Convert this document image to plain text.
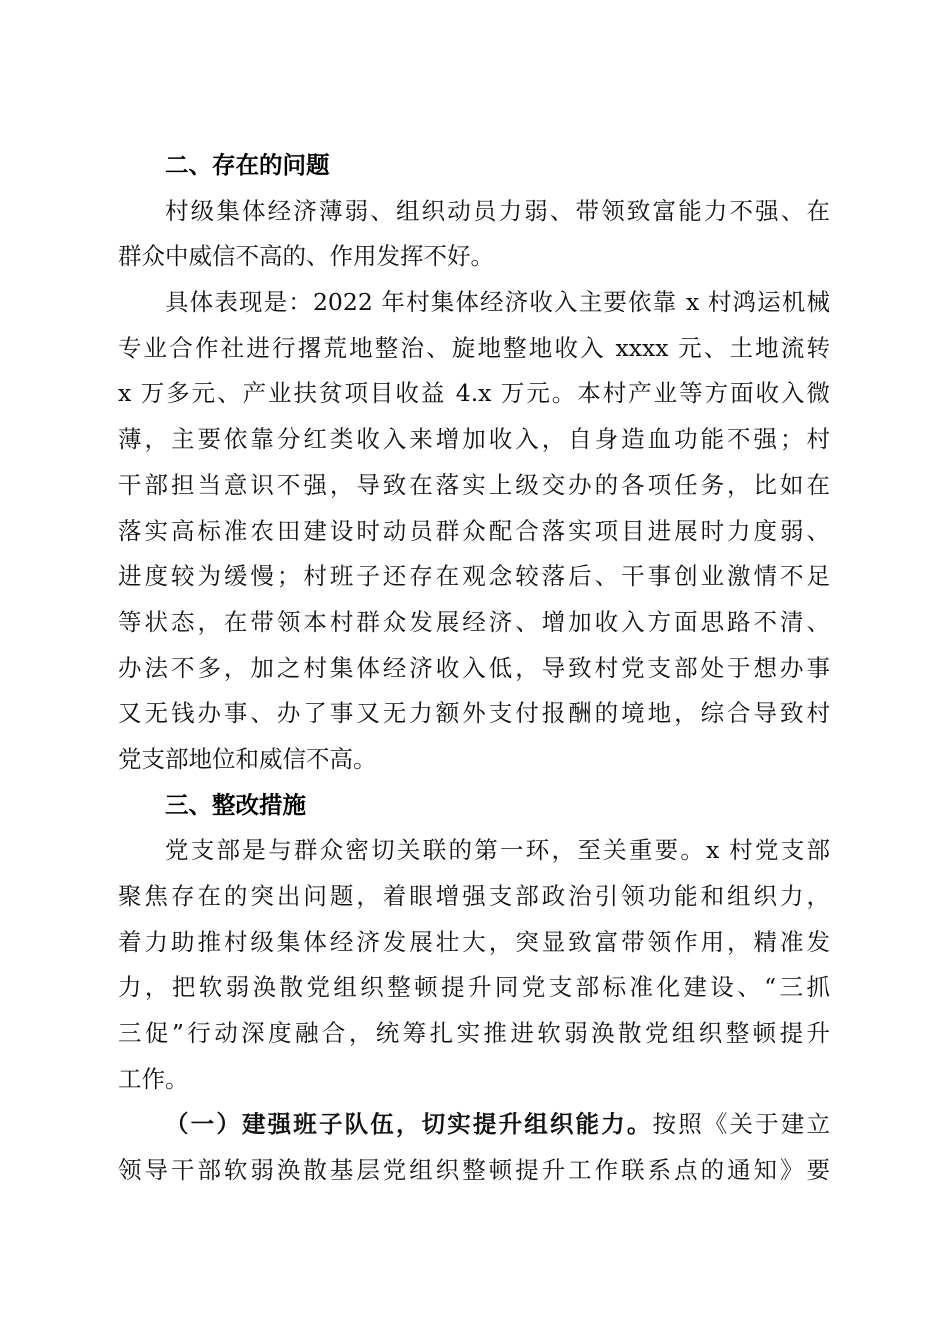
二、存在的问题
村级集体经济薄弱、组织动员力弱、带领致富能力不强、在
群众中威信不高的、作用发挥不好。
具体表现是：2022 年村集体经济收入主要依靠 x 村鸿运机械
专业合作社进行撂荒地整治、旋地整地收入 xxxx 元、土地流转
x 万多元、产业扶贫项目收益 4.x 万元。本村产业等方面收入微
薄，主要依靠分红类收入来增加收入，自身造血功能不强；村
干部担当意识不强，导致在落实上级交办的各项任务，比如在
落实高标准农田建设时动员群众配合落实项目进展时力度弱、
进度较为缓慢；村班子还存在观念较落后、干事创业激情不足
等状态，在带领本村群众发展经济、增加收入方面思路不清、
办法不多，加之村集体经济收入低，导致村党支部处于想办事
又无钱办事、办了事又无力额外支付报酬的境地，综合导致村
党支部地位和威信不高。
三、整改措施
党支部是与群众密切关联的第一环，至关重要。x 村党支部
聚焦存在的突出问题，着眼增强支部政治引领功能和组织力，
着力助推村级集体经济发展壮大，突显致富带领作用，精准发
力，把软弱涣散党组织整顿提升同党支部标准化建设、“三抓
三促”行动深度融合，统筹扎实推进软弱涣散党组织整顿提升
工作。
（一）建强班子队伍，切实提升组织能力。按照《关于建立
领导干部软弱涣散基层党组织整顿提升工作联系点的通知》要
